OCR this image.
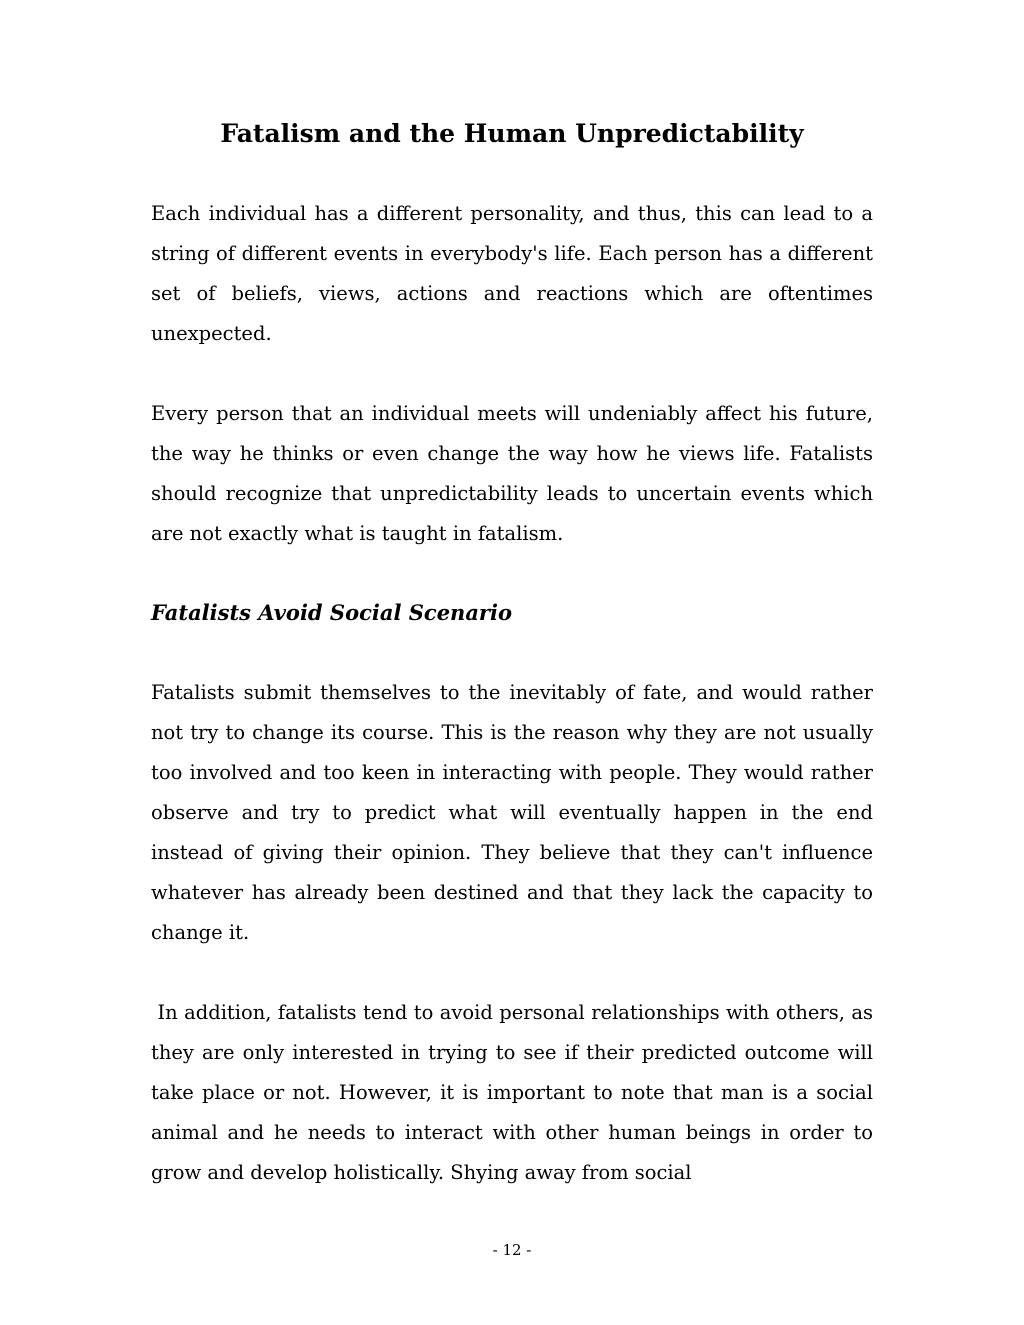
Fatalism and the Human Unpredictability

Each individual has a different personality, and thus, this can lead to a string of different events in everybody's life. Each person has a different set of beliefs, views, actions and reactions which are oftentimes unexpected.

Every person that an individual meets will undeniably affect his future, the way he thinks or even change the way how he views life. Fatalists should recognize that unpredictability leads to uncertain events which are not exactly what is taught in fatalism.

Fatalists Avoid Social Scenario

Fatalists submit themselves to the inevitably of fate, and would rather not try to change its course. This is the reason why they are not usually too involved and too keen in interacting with people. They would rather observe and try to predict what will eventually happen in the end instead of giving their opinion. They believe that they can't influence whatever has already been destined and that they lack the capacity to change it.

In addition, fatalists tend to avoid personal relationships with others, as they are only interested in trying to see if their predicted outcome will take place or not. However, it is important to note that man is a social animal and he needs to interact with other human beings in order to grow and develop holistically. Shying away from social

- 12 -
